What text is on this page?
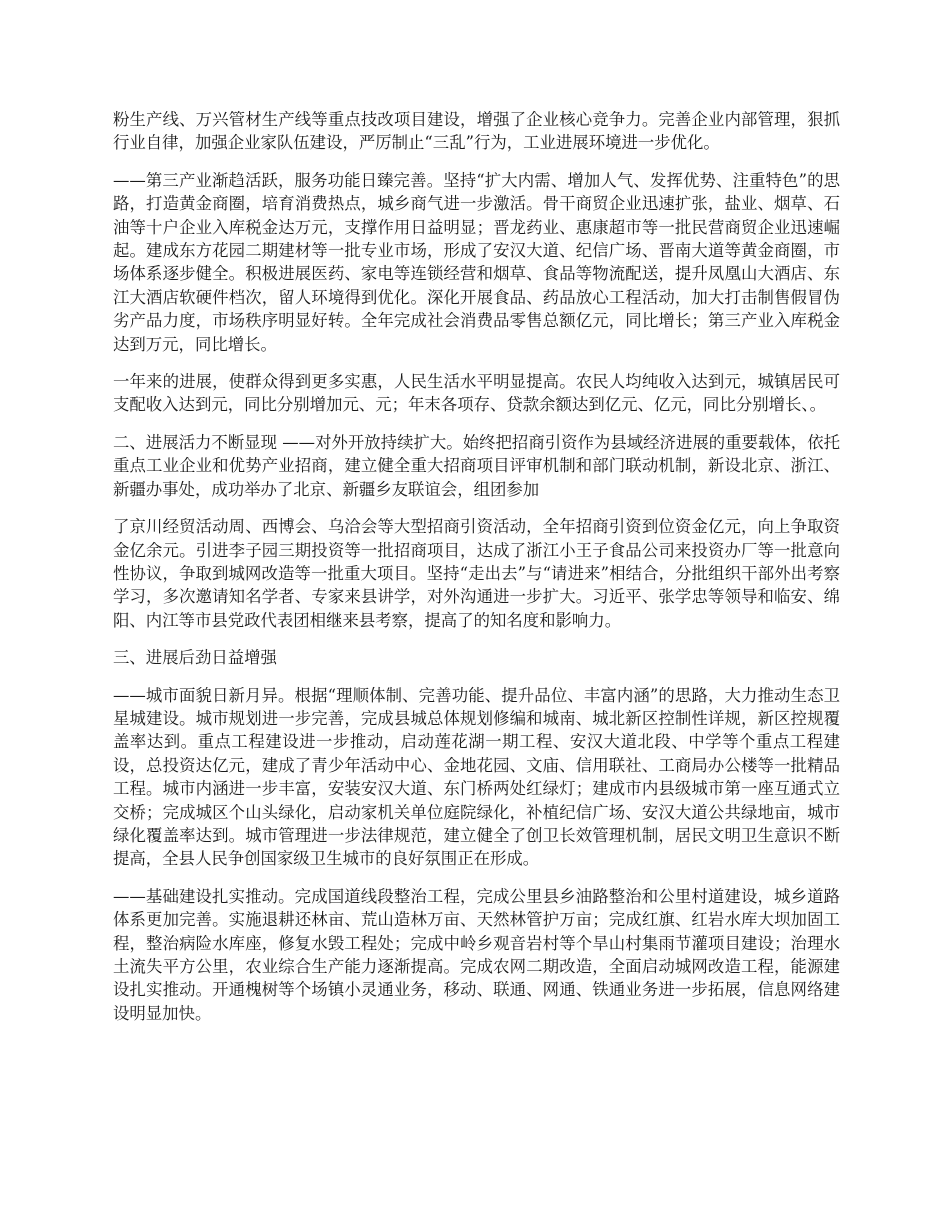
粉生产线、万兴管材生产线等重点技改项目建设，增强了企业核心竞争力。完善企业内部管理，狠抓行业自律，加强企业家队伍建设，严厉制止“三乱”行为，工业进展环境进一步优化。

——第三产业渐趋活跃，服务功能日臻完善。坚持“扩大内需、增加人气、发挥优势、注重特色”的思路，打造黄金商圈，培育消费热点，城乡商气进一步激活。骨干商贸企业迅速扩张，盐业、烟草、石油等十户企业入库税金达万元，支撑作用日益明显；晋龙药业、惠康超市等一批民营商贸企业迅速崛起。建成东方花园二期建材等一批专业市场，形成了安汉大道、纪信广场、晋南大道等黄金商圈，市场体系逐步健全。积极进展医药、家电等连锁经营和烟草、食品等物流配送，提升凤凰山大酒店、东江大酒店软硬件档次，留人环境得到优化。深化开展食品、药品放心工程活动，加大打击制售假冒伪劣产品力度，市场秩序明显好转。全年完成社会消费品零售总额亿元，同比增长；第三产业入库税金达到万元，同比增长。

一年来的进展，使群众得到更多实惠，人民生活水平明显提高。农民人均纯收入达到元，城镇居民可支配收入达到元，同比分别增加元、元；年末各项存、贷款余额达到亿元、亿元，同比分别增长、。

二、进展活力不断显现 ——对外开放持续扩大。始终把招商引资作为县域经济进展的重要载体，依托重点工业企业和优势产业招商，建立健全重大招商项目评审机制和部门联动机制，新设北京、浙江、新疆办事处，成功举办了北京、新疆乡友联谊会，组团参加

了京川经贸活动周、西博会、乌洽会等大型招商引资活动，全年招商引资到位资金亿元，向上争取资金亿余元。引进李子园三期投资等一批招商项目，达成了浙江小王子食品公司来投资办厂等一批意向性协议，争取到城网改造等一批重大项目。坚持“走出去”与“请进来”相结合，分批组织干部外出考察学习，多次邀请知名学者、专家来县讲学，对外沟通进一步扩大。习近平、张学忠等领导和临安、绵阳、内江等市县党政代表团相继来县考察，提高了的知名度和影响力。

三、进展后劲日益增强

——城市面貌日新月异。根据“理顺体制、完善功能、提升品位、丰富内涵”的思路，大力推动生态卫星城建设。城市规划进一步完善，完成县城总体规划修编和城南、城北新区控制性详规，新区控规覆盖率达到。重点工程建设进一步推动，启动莲花湖一期工程、安汉大道北段、中学等个重点工程建设，总投资达亿元，建成了青少年活动中心、金地花园、文庙、信用联社、工商局办公楼等一批精品工程。城市内涵进一步丰富，安装安汉大道、东门桥两处红绿灯；建成市内县级城市第一座互通式立交桥；完成城区个山头绿化，启动家机关单位庭院绿化，补植纪信广场、安汉大道公共绿地亩，城市绿化覆盖率达到。城市管理进一步法律规范，建立健全了创卫长效管理机制，居民文明卫生意识不断提高，全县人民争创国家级卫生城市的良好氛围正在形成。

——基础建设扎实推动。完成国道线段整治工程，完成公里县乡油路整治和公里村道建设，城乡道路体系更加完善。实施退耕还林亩、荒山造林万亩、天然林管护万亩；完成红旗、红岩水库大坝加固工程，整治病险水库座，修复水毁工程处；完成中岭乡观音岩村等个旱山村集雨节灌项目建设；治理水土流失平方公里，农业综合生产能力逐渐提高。完成农网二期改造，全面启动城网改造工程，能源建设扎实推动。开通槐树等个场镇小灵通业务，移动、联通、网通、铁通业务进一步拓展，信息网络建设明显加快。
